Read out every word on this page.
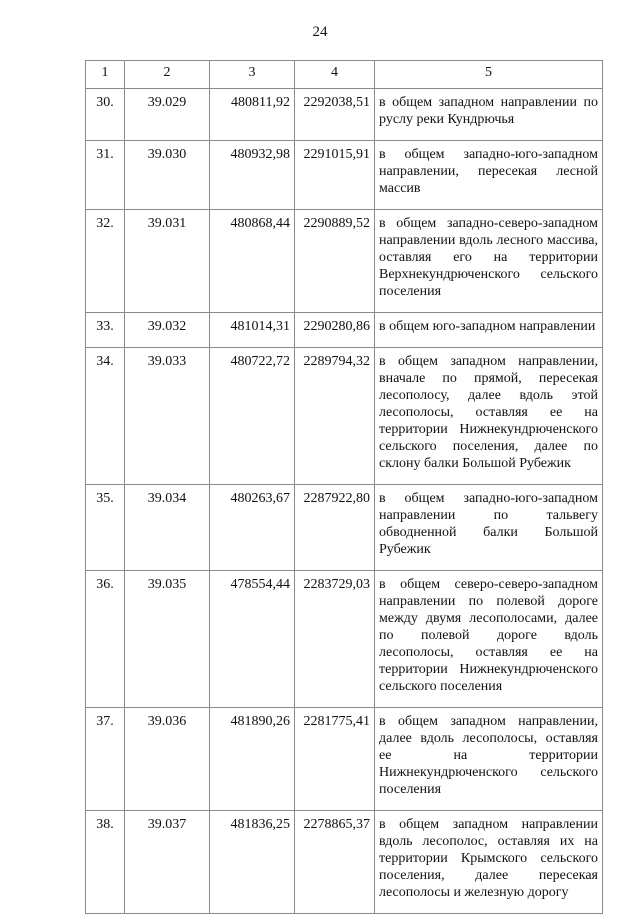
24
1	2	3	4	5
30.	39.029	480811,92	2292038,51	в общем западном направлении по руслу реки Кундрючья
31.	39.030	480932,98	2291015,91	в общем западно-юго-западном направлении, пересекая лесной массив
32.	39.031	480868,44	2290889,52	в общем западно-северо-западном направлении вдоль лесного массива, оставляя его на территории Верхнекундрюченского сельского поселения
33.	39.032	481014,31	2290280,86	в общем юго-западном направлении
34.	39.033	480722,72	2289794,32	в общем западном направлении, вначале по прямой, пересекая лесополосу, далее вдоль этой лесополосы, оставляя ее на территории Нижнекундрюченского сельского поселения, далее по склону балки Большой Рубежик
35.	39.034	480263,67	2287922,80	в общем западно-юго-западном направлении по тальвегу обводненной балки Большой Рубежик
36.	39.035	478554,44	2283729,03	в общем северо-северо-западном направлении по полевой дороге между двумя лесополосами, далее по полевой дороге вдоль лесополосы, оставляя ее на территории Нижнекундрюченского сельского поселения
37.	39.036	481890,26	2281775,41	в общем западном направлении, далее вдоль лесополосы, оставляя ее на территории Нижнекундрюченского сельского поселения
38.	39.037	481836,25	2278865,37	в общем западном направлении вдоль лесополос, оставляя их на территории Крымского сельского поселения, далее пересекая лесополосы и железную дорогу
